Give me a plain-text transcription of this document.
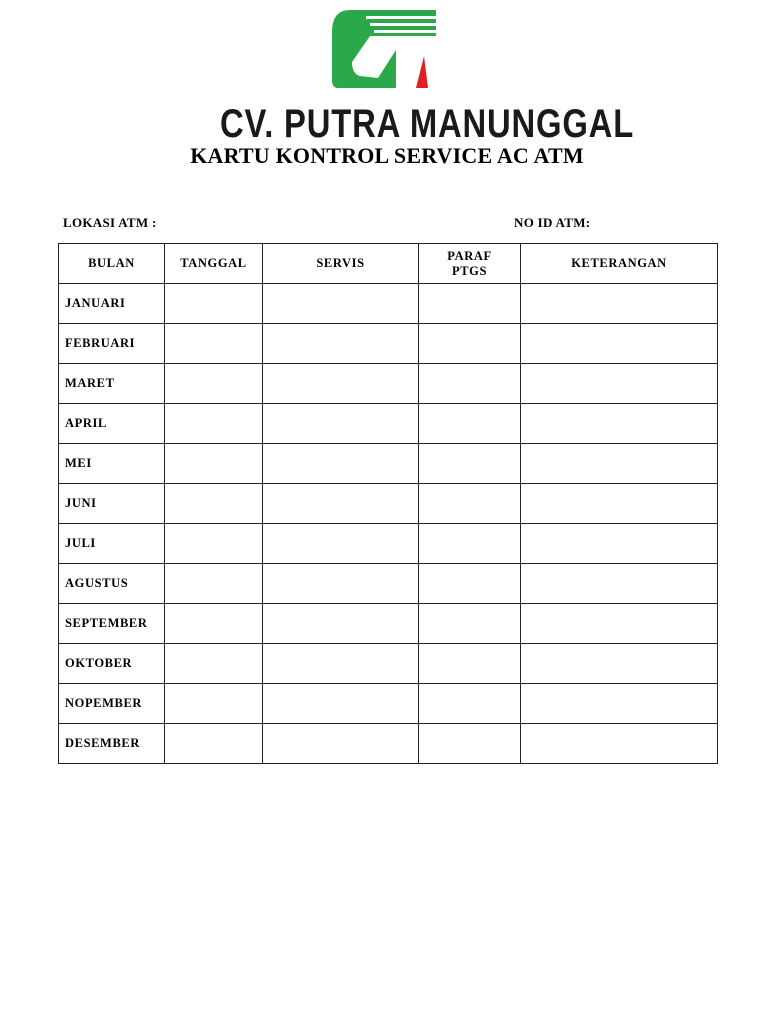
CV. PUTRA MANUNGGAL
KARTU KONTROL SERVICE AC ATM
LOKASI ATM :	NO ID ATM:
BULAN	TANGGAL	SERVIS	PARAF PTGS	KETERANGAN
JANUARI				
FEBRUARI				
MARET				
APRIL				
MEI				
JUNI				
JULI				
AGUSTUS				
SEPTEMBER				
OKTOBER				
NOPEMBER				
DESEMBER				
